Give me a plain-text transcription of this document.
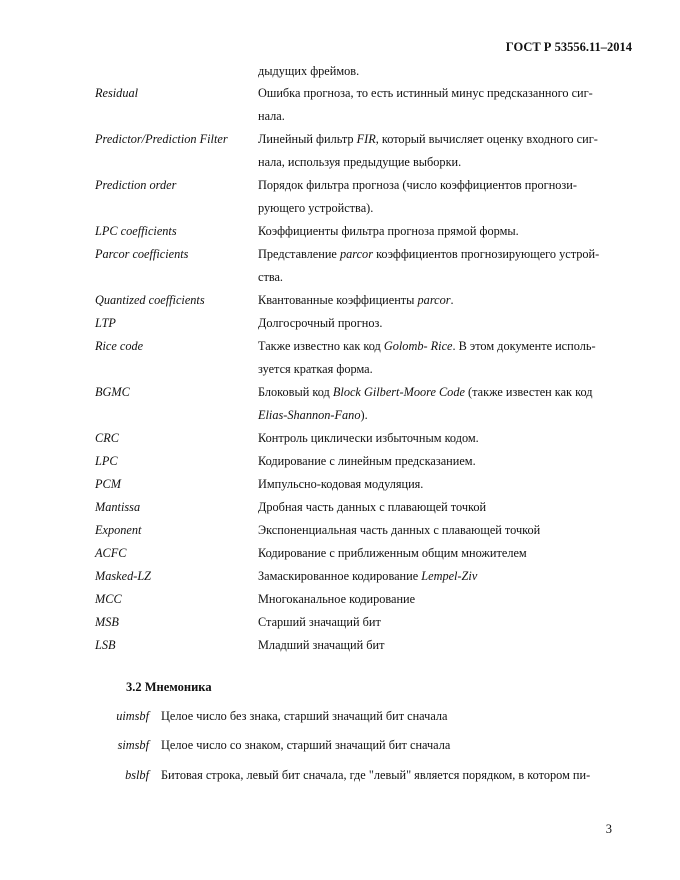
ГОСТ Р 53556.11–2014
дыдущих фреймов.
Residual	Ошибка прогноза, то есть истинный минус предсказанного сиг-
нала.
Predictor/Prediction Filter	Линейный фильтр FIR, который вычисляет оценку входного сиг-
нала, используя предыдущие выборки.
Prediction order	Порядок фильтра прогноза (число коэффициентов прогнози-
рующего устройства).
LPC coefficients	Коэффициенты фильтра прогноза прямой формы.
Parcor coefficients	Представление parcor коэффициентов прогнозирующего устрой-
ства.
Quantized coefficients	Квантованные коэффициенты parcor.
LTP	Долгосрочный прогноз.
Rice code	Также известно как код Golomb- Rice. В этом документе исполь-
зуется краткая форма.
BGMC	Блоковый код Block Gilbert-Moore Code (также известен как код
Elias-Shannon-Fano).
CRC	Контроль циклически избыточным кодом.
LPC	Кодирование с линейным предсказанием.
PCM	Импульсно-кодовая модуляция.
Mantissa	Дробная часть данных с плавающей точкой
Exponent	Экспоненциальная часть данных с плавающей точкой
ACFC	Кодирование с приближенным общим множителем
Masked-LZ	Замаскированное кодирование Lempel-Ziv
MCC	Многоканальное кодирование
MSB	Старший значащий бит
LSB	Младший значащий бит
3.2 Мнемоника
uimsbf Целое число без знака, старший значащий бит сначала
simsbf Целое число со знаком, старший значащий бит сначала
bslbf Битовая строка, левый бит сначала, где "левый" является порядком, в котором пи-
3
